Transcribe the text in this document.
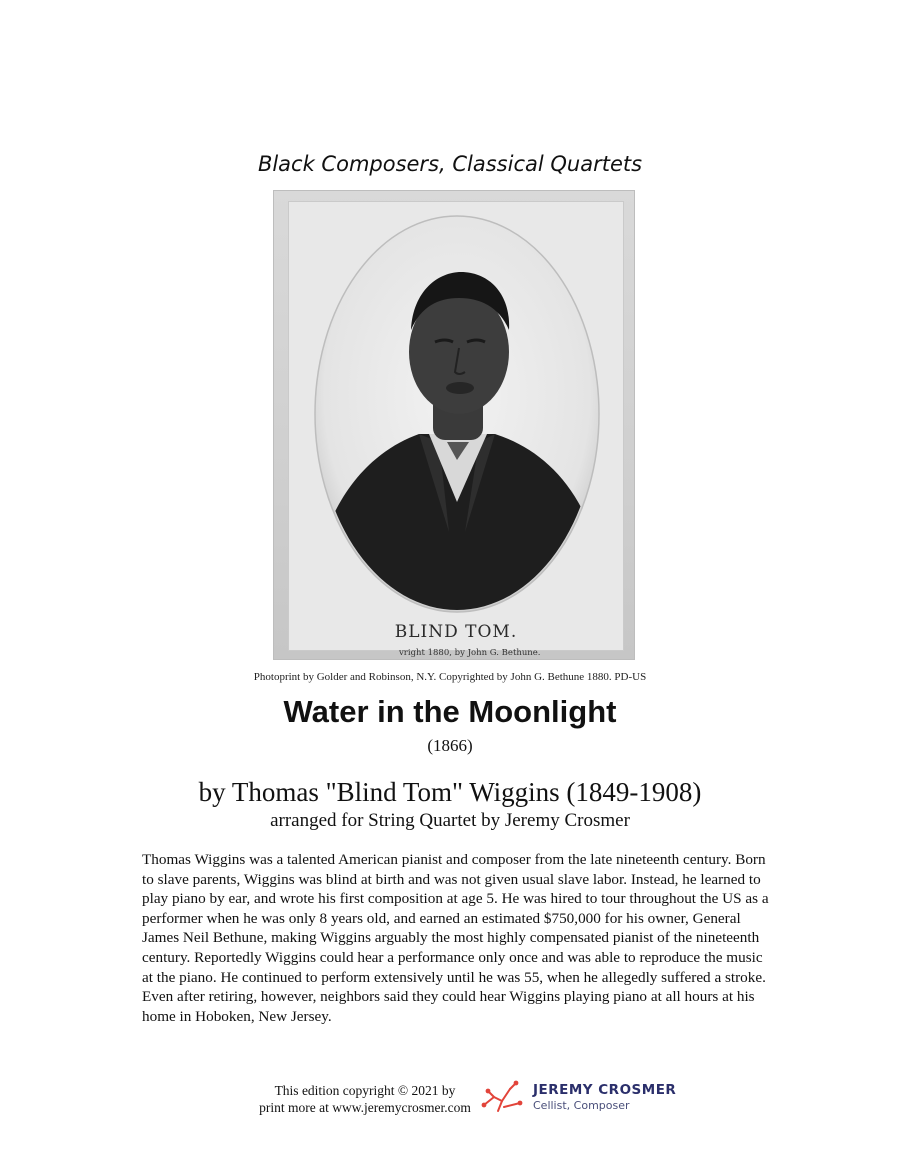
Black Composers, Classical Quartets
BLIND TOM.
vright 1880, by John G. Bethune.
Photoprint by Golder and Robinson, N.Y. Copyrighted by John G. Bethune 1880. PD-US
Water in the Moonlight
(1866)
by Thomas "Blind Tom" Wiggins (1849-1908)
arranged for String Quartet by Jeremy Crosmer
Thomas Wiggins was a talented American pianist and composer from the late nineteenth century. Born to slave parents, Wiggins was blind at birth and was not given usual slave labor. Instead, he learned to play piano by ear, and wrote his first composition at age 5. He was hired to tour throughout the US as a performer when he was only 8 years old, and earned an estimated $750,000 for his owner, General James Neil Bethune, making Wiggins arguably the most highly compensated pianist of the nineteenth century. Reportedly Wiggins could hear a performance only once and was able to reproduce the music at the piano. He continued to perform extensively until he was 55, when he allegedly suffered a stroke. Even after retiring, however, neighbors said they could hear Wiggins playing piano at all hours at his home in Hoboken, New Jersey.
This edition copyright © 2021 by
print more at www.jeremycrosmer.com
JEREMY CROSMER
Cellist, Composer
